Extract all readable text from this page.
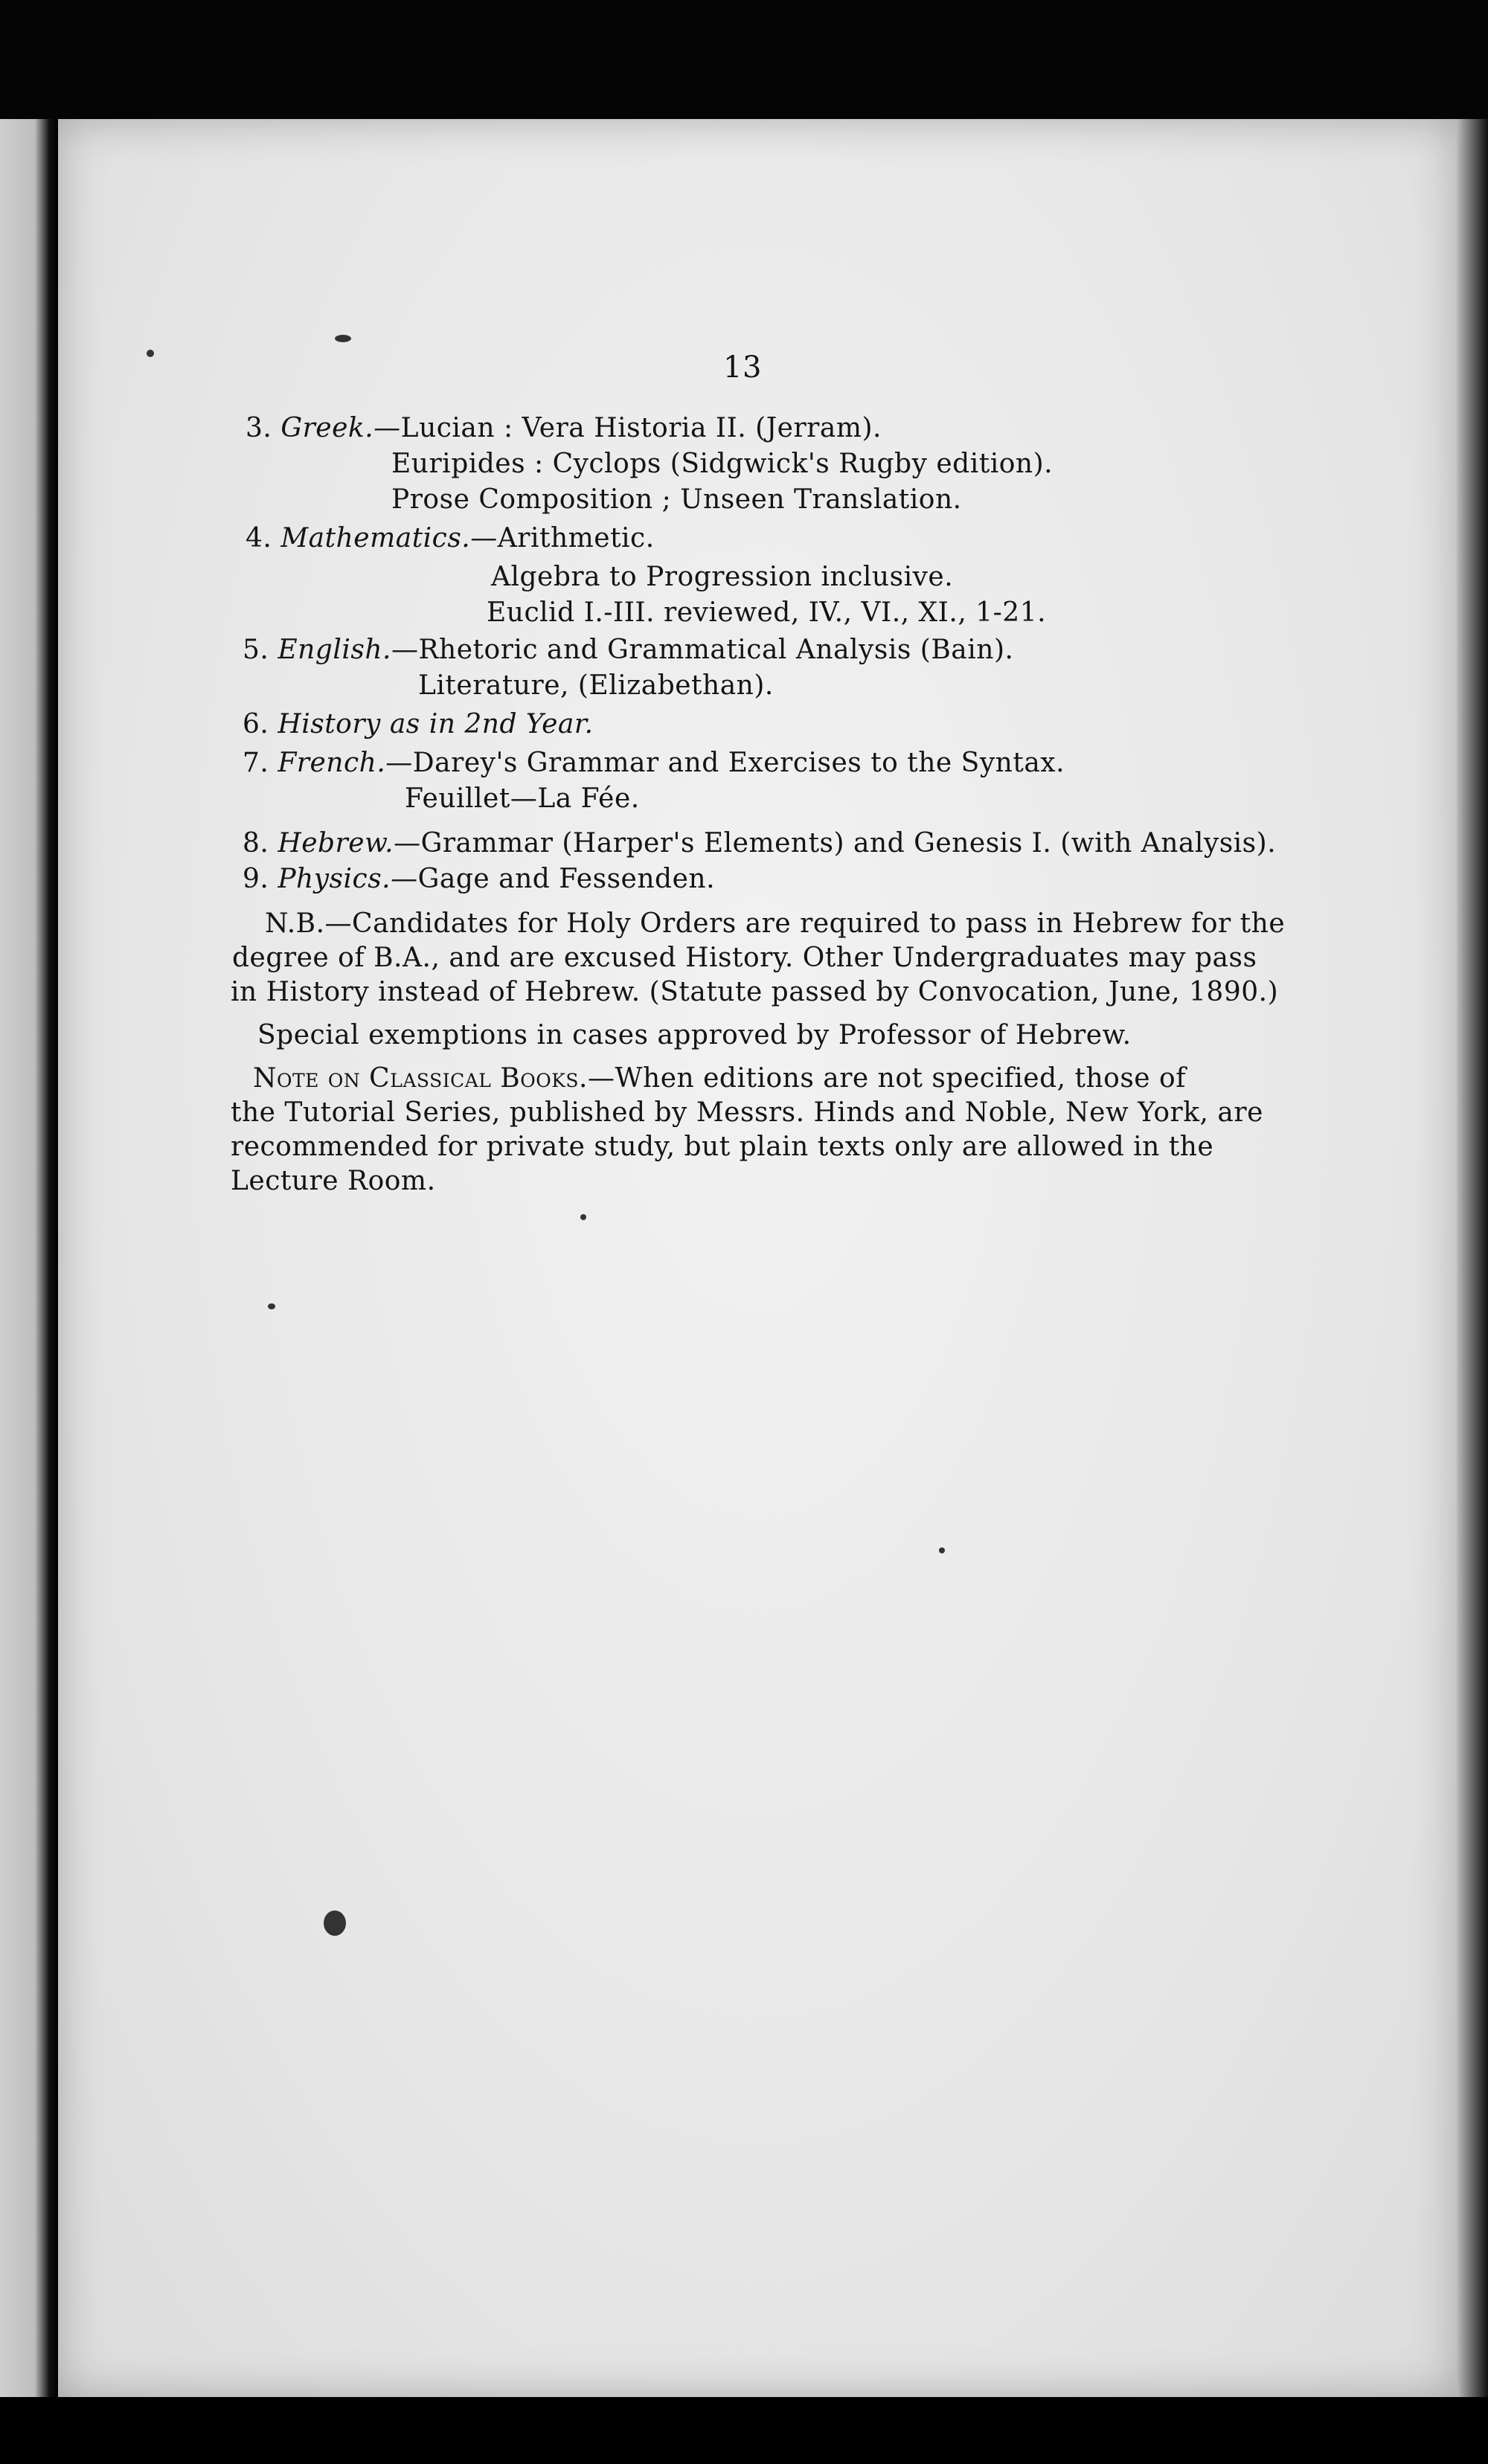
13
3. Greek.—Lucian : Vera Historia II. (Jerram).
Euripides : Cyclops (Sidgwick's Rugby edition).
Prose Composition ; Unseen Translation.
4. Mathematics.—Arithmetic.
Algebra to Progression inclusive.
Euclid I.-III. reviewed, IV., VI., XI., 1-21.
5. English.—Rhetoric and Grammatical Analysis (Bain).
Literature, (Elizabethan).
6. History as in 2nd Year.
7. French.—Darey's Grammar and Exercises to the Syntax.
Feuillet—La Fée.
8. Hebrew.—Grammar (Harper's Elements) and Genesis I. (with Analysis).
9. Physics.—Gage and Fessenden.
N.B.—Candidates for Holy Orders are required to pass in Hebrew for the
degree of B.A., and are excused History. Other Undergraduates may pass
in History instead of Hebrew. (Statute passed by Convocation, June, 1890.)
Special exemptions in cases approved by Professor of Hebrew.
Note on Classical Books.—When editions are not specified, those of
the Tutorial Series, published by Messrs. Hinds and Noble, New York, are
recommended for private study, but plain texts only are allowed in the
Lecture Room.
